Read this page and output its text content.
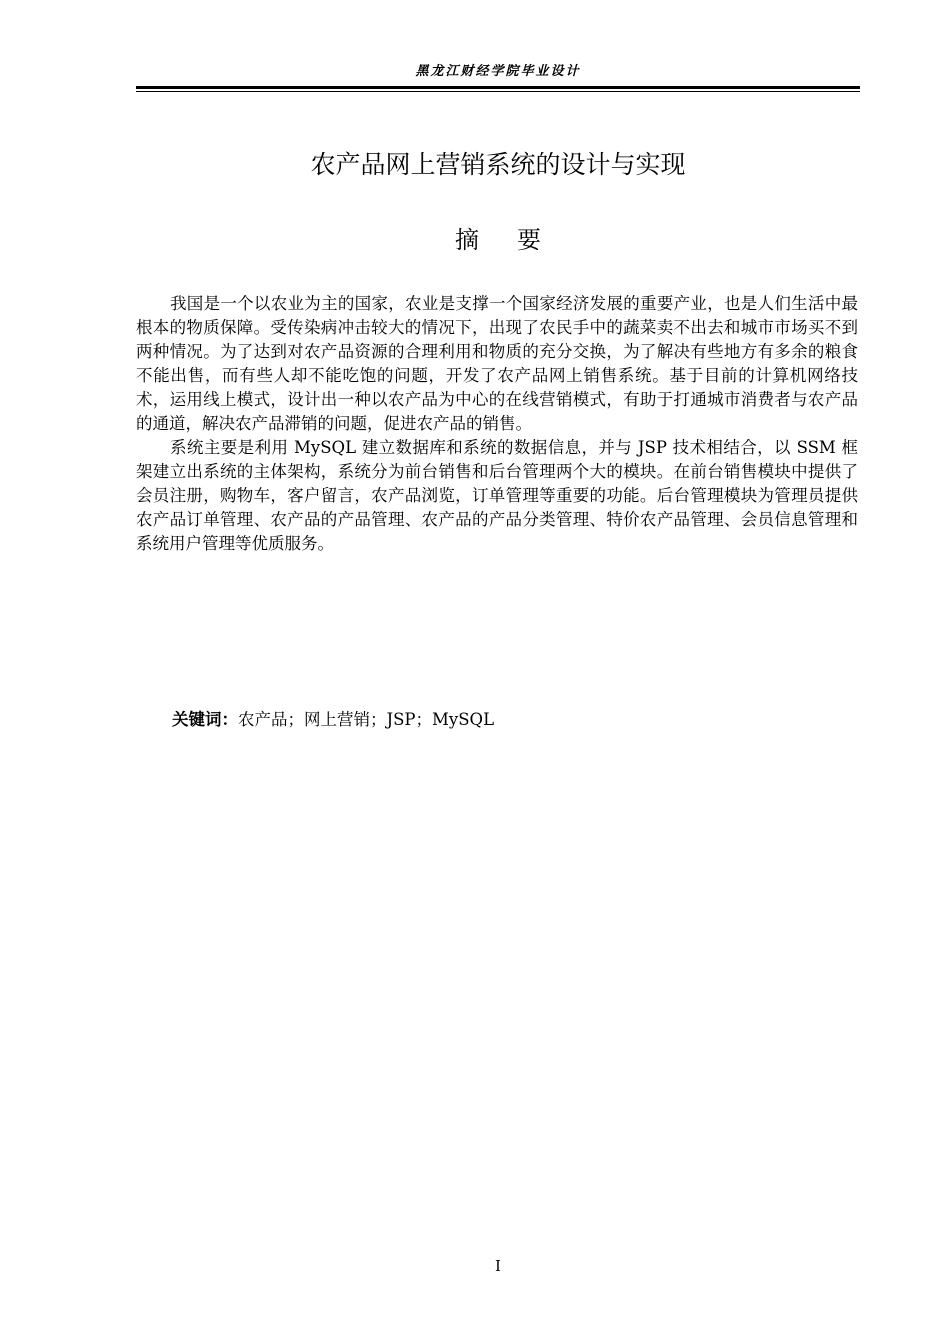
黑龙江财经学院毕业设计
农产品网上营销系统的设计与实现
摘要

我国是一个以农业为主的国家，农业是支撑一个国家经济发展的重要产业，也是人们生活中最根本的物质保障。受传染病冲击较大的情况下，出现了农民手中的蔬菜卖不出去和城市市场买不到两种情况。为了达到对农产品资源的合理利用和物质的充分交换，为了解决有些地方有多余的粮食不能出售，而有些人却不能吃饱的问题，开发了农产品网上销售系统。基于目前的计算机网络技术，运用线上模式，设计出一种以农产品为中心的在线营销模式，有助于打通城市消费者与农产品的通道，解决农产品滞销的问题，促进农产品的销售。

系统主要是利用 MySQL 建立数据库和系统的数据信息，并与 JSP 技术相结合，以 SSM 框架建立出系统的主体架构，系统分为前台销售和后台管理两个大的模块。在前台销售模块中提供了会员注册，购物车，客户留言，农产品浏览，订单管理等重要的功能。后台管理模块为管理员提供农产品订单管理、农产品的产品管理、农产品的产品分类管理、特价农产品管理、会员信息管理和系统用户管理等优质服务。

关键词：农产品；网上营销；JSP；MySQL
I
